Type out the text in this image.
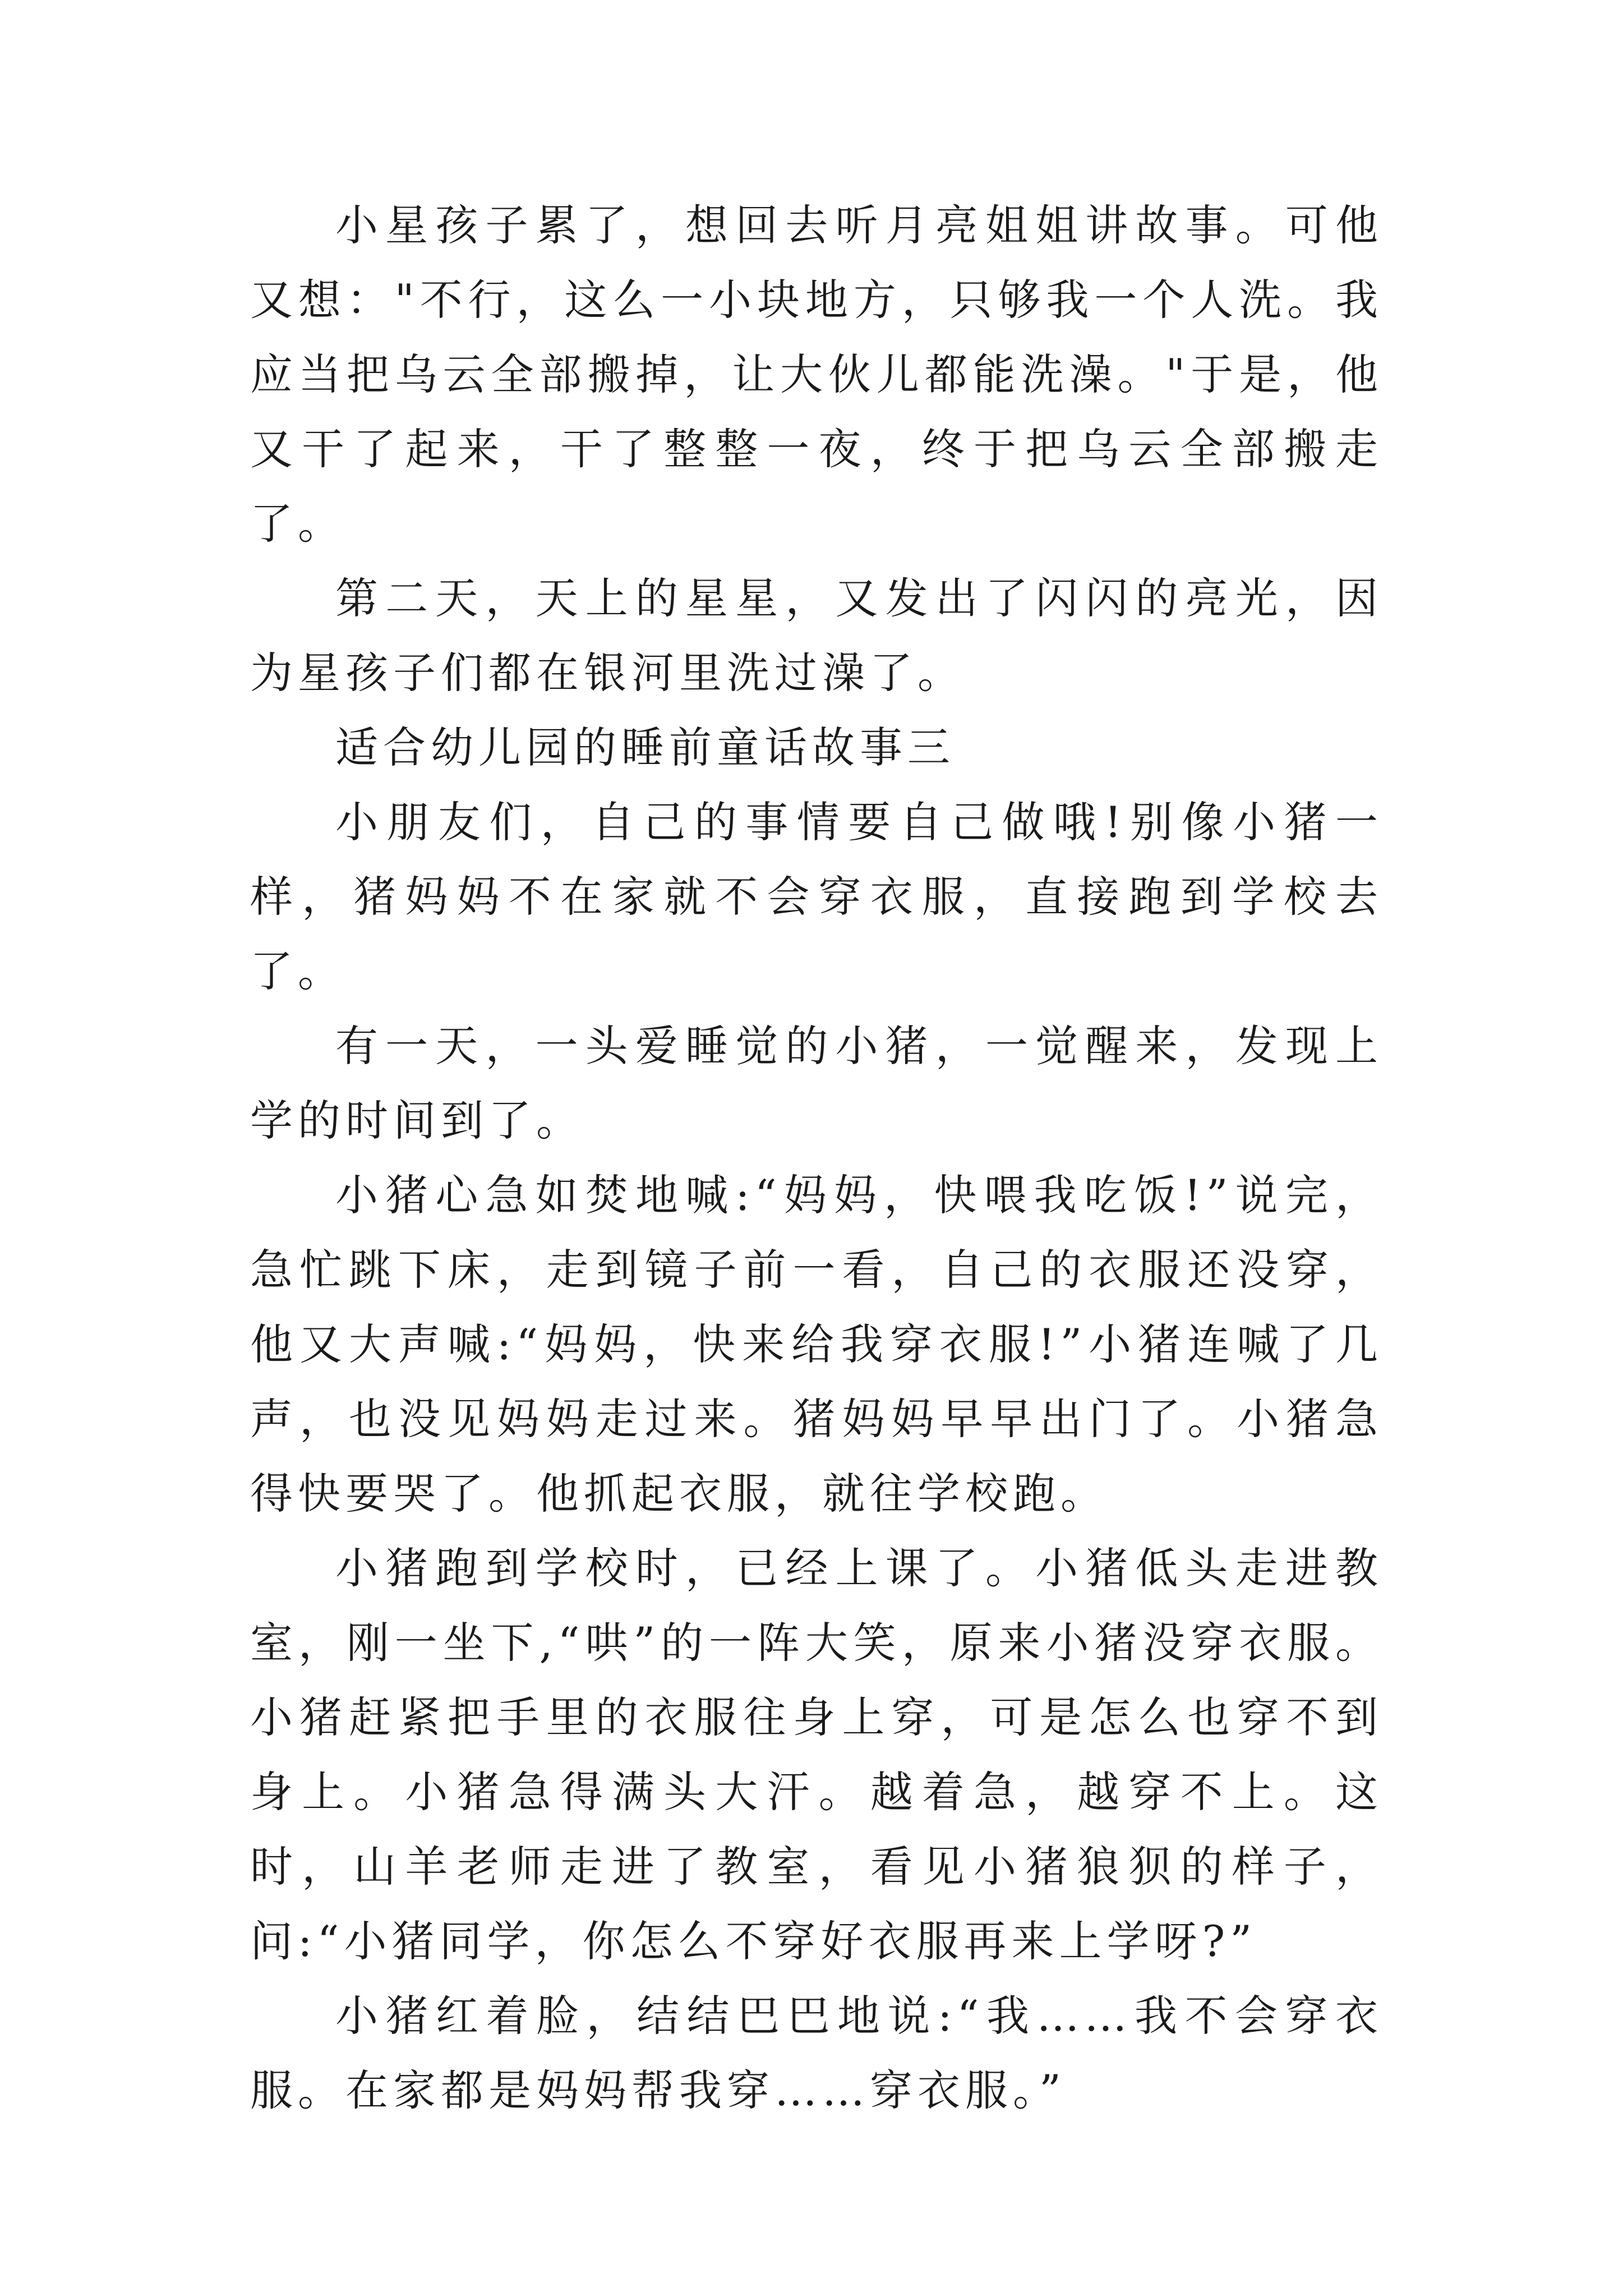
小星孩子累了，想回去听月亮姐姐讲故事。可他又想："不行，这么一小块地方，只够我一个人洗。我应当把乌云全部搬掉，让大伙儿都能洗澡。"于是，他又干了起来，干了整整一夜，终于把乌云全部搬走了。

第二天，天上的星星，又发出了闪闪的亮光，因为星孩子们都在银河里洗过澡了。

适合幼儿园的睡前童话故事三

小朋友们，自己的事情要自己做哦!别像小猪一样，猪妈妈不在家就不会穿衣服，直接跑到学校去了。

有一天，一头爱睡觉的小猪，一觉醒来，发现上学的时间到了。

小猪心急如焚地喊:“妈妈，快喂我吃饭!”说完，急忙跳下床，走到镜子前一看，自己的衣服还没穿，他又大声喊:“妈妈，快来给我穿衣服!”小猪连喊了几声，也没见妈妈走过来。猪妈妈早早出门了。小猪急得快要哭了。他抓起衣服，就往学校跑。

小猪跑到学校时，已经上课了。小猪低头走进教室，刚一坐下,“哄”的一阵大笑，原来小猪没穿衣服。小猪赶紧把手里的衣服往身上穿，可是怎么也穿不到身上。小猪急得满头大汗。越着急，越穿不上。这时，山羊老师走进了教室，看见小猪狼狈的样子，问:“小猪同学，你怎么不穿好衣服再来上学呀?”

小猪红着脸，结结巴巴地说:“我……我不会穿衣服。在家都是妈妈帮我穿……穿衣服。”
